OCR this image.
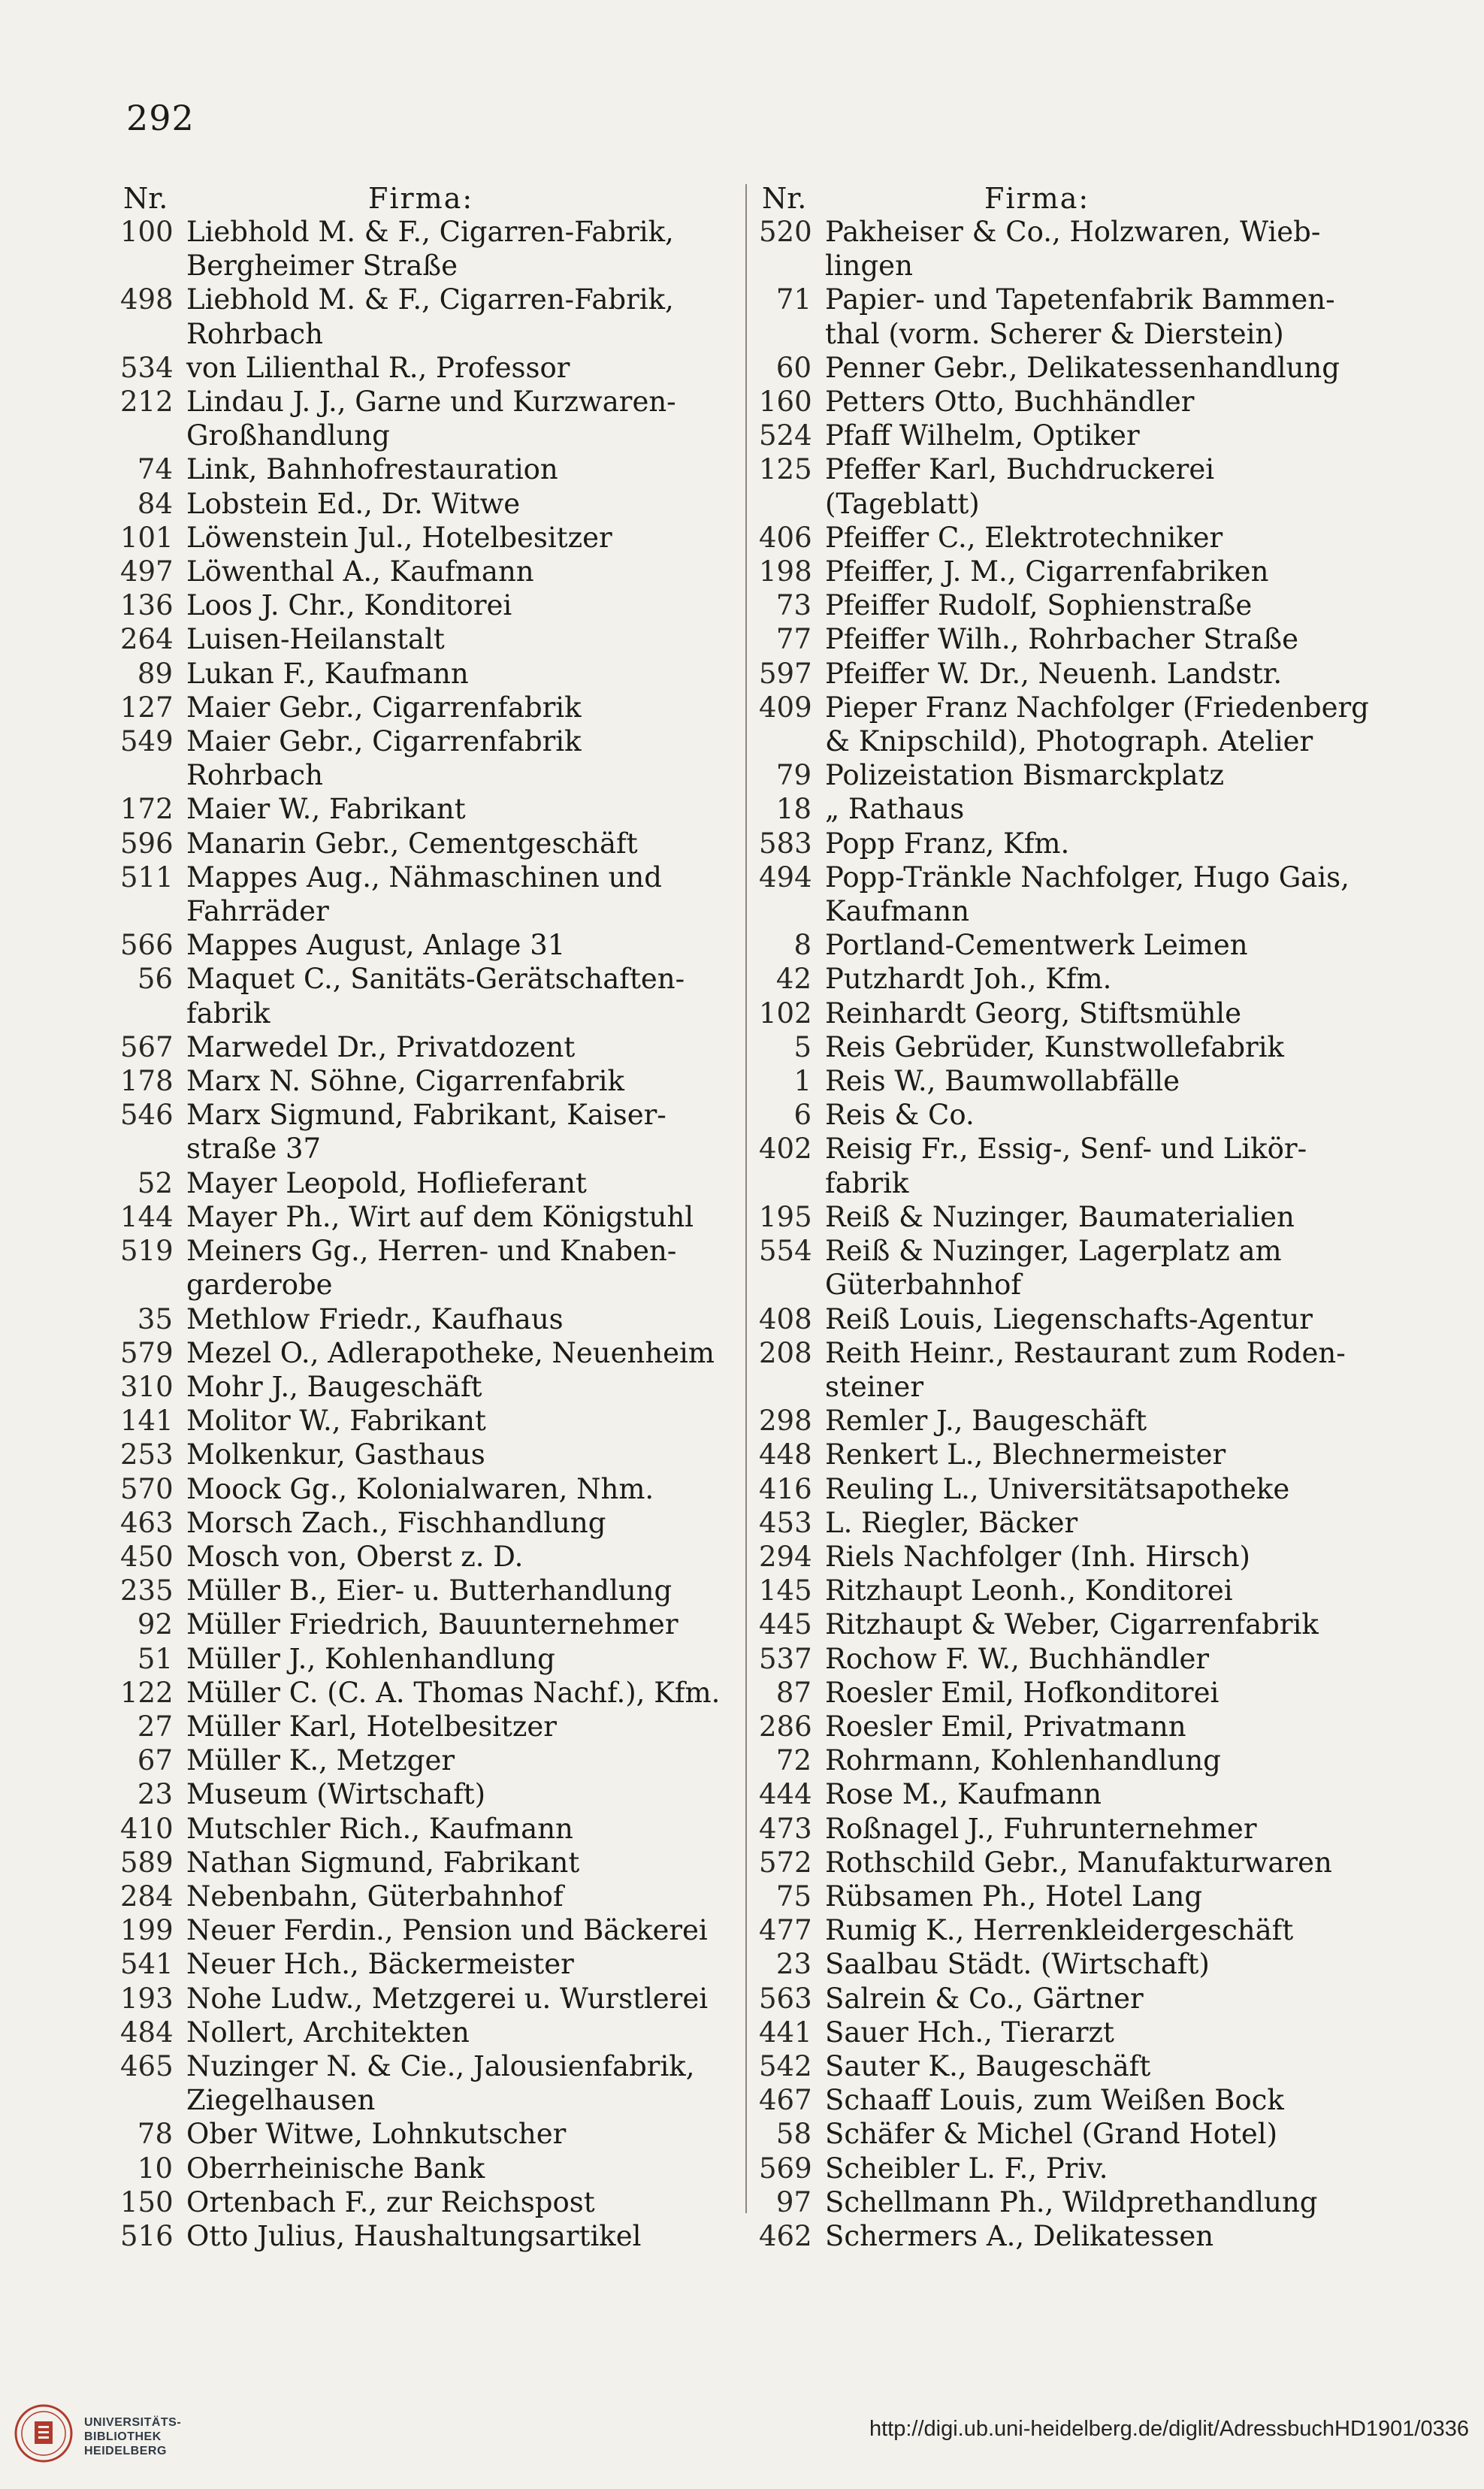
292
Nr.	Firma:
100 Liebhold M. & F., Cigarren-Fabrik,
Bergheimer Straße
498 Liebhold M. & F., Cigarren-Fabrik,
Rohrbach
534 von Lilienthal R., Professor
212 Lindau J. J., Garne und Kurzwaren-
Großhandlung
74 Link, Bahnhofrestauration
84 Lobstein Ed., Dr. Witwe
101 Löwenstein Jul., Hotelbesitzer
497 Löwenthal A., Kaufmann
136 Loos J. Chr., Konditorei
264 Luisen-Heilanstalt
89 Lukan F., Kaufmann
127 Maier Gebr., Cigarrenfabrik
549 Maier Gebr., Cigarrenfabrik Rohrbach
172 Maier W., Fabrikant
596 Manarin Gebr., Cementgeschäft
511 Mappes Aug., Nähmaschinen und
Fahrräder
566 Mappes August, Anlage 31
56 Maquet C., Sanitäts-Gerätschaften-
fabrik
567 Marwedel Dr., Privatdozent
178 Marx N. Söhne, Cigarrenfabrik
546 Marx Sigmund, Fabrikant, Kaiser-
straße 37
52 Mayer Leopold, Hoflieferant
144 Mayer Ph., Wirt auf dem Königstuhl
519 Meiners Gg., Herren- und Knaben-
garderobe
35 Methlow Friedr., Kaufhaus
579 Mezel O., Adlerapotheke, Neuenheim
310 Mohr J., Baugeschäft
141 Molitor W., Fabrikant
253 Molkenkur, Gasthaus
570 Moock Gg., Kolonialwaren, Nhm.
463 Morsch Zach., Fischhandlung
450 Mosch von, Oberst z. D.
235 Müller B., Eier- u. Butterhandlung
92 Müller Friedrich, Bauunternehmer
51 Müller J., Kohlenhandlung
122 Müller C. (C. A. Thomas Nachf.), Kfm.
27 Müller Karl, Hotelbesitzer
67 Müller K., Metzger
23 Museum (Wirtschaft)
410 Mutschler Rich., Kaufmann
589 Nathan Sigmund, Fabrikant
284 Nebenbahn, Güterbahnhof
199 Neuer Ferdin., Pension und Bäckerei
541 Neuer Hch., Bäckermeister
193 Nohe Ludw., Metzgerei u. Wurstlerei
484 Nollert, Architekten
465 Nuzinger N. & Cie., Jalousienfabrik,
Ziegelhausen
78 Ober Witwe, Lohnkutscher
10 Oberrheinische Bank
150 Ortenbach F., zur Reichspost
516 Otto Julius, Haushaltungsartikel
Nr.	Firma:
520 Pakheiser & Co., Holzwaren, Wieb-
lingen
71 Papier- und Tapetenfabrik Bammen-
thal (vorm. Scherer & Dierstein)
60 Penner Gebr., Delikatessenhandlung
160 Petters Otto, Buchhändler
524 Pfaff Wilhelm, Optiker
125 Pfeffer Karl, Buchdruckerei (Tageblatt)
406 Pfeiffer C., Elektrotechniker
198 Pfeiffer, J. M., Cigarrenfabriken
73 Pfeiffer Rudolf, Sophienstraße
77 Pfeiffer Wilh., Rohrbacher Straße
597 Pfeiffer W. Dr., Neuenh. Landstr.
409 Pieper Franz Nachfolger (Friedenberg
& Knipschild), Photograph. Atelier
79 Polizeistation Bismarckplatz
18 „ Rathaus
583 Popp Franz, Kfm.
494 Popp-Tränkle Nachfolger, Hugo Gais,
Kaufmann
8 Portland-Cementwerk Leimen
42 Putzhardt Joh., Kfm.
102 Reinhardt Georg, Stiftsmühle
5 Reis Gebrüder, Kunstwollefabrik
1 Reis W., Baumwollabfälle
6 Reis & Co.
402 Reisig Fr., Essig-, Senf- und Likör-
fabrik
195 Reiß & Nuzinger, Baumaterialien
554 Reiß & Nuzinger, Lagerplatz am
Güterbahnhof
408 Reiß Louis, Liegenschafts-Agentur
208 Reith Heinr., Restaurant zum Roden-
steiner
298 Remler J., Baugeschäft
448 Renkert L., Blechnermeister
416 Reuling L., Universitätsapotheke
453 L. Riegler, Bäcker
294 Riels Nachfolger (Inh. Hirsch)
145 Ritzhaupt Leonh., Konditorei
445 Ritzhaupt & Weber, Cigarrenfabrik
537 Rochow F. W., Buchhändler
87 Roesler Emil, Hofkonditorei
286 Roesler Emil, Privatmann
72 Rohrmann, Kohlenhandlung
444 Rose M., Kaufmann
473 Roßnagel J., Fuhrunternehmer
572 Rothschild Gebr., Manufakturwaren
75 Rübsamen Ph., Hotel Lang
477 Rumig K., Herrenkleidergeschäft
23 Saalbau Städt. (Wirtschaft)
563 Salrein & Co., Gärtner
441 Sauer Hch., Tierarzt
542 Sauter K., Baugeschäft
467 Schaaff Louis, zum Weißen Bock
58 Schäfer & Michel (Grand Hotel)
569 Scheibler L. F., Priv.
97 Schellmann Ph., Wildprethandlung
462 Schermers A., Delikatessen
UNIVERSITÄTS-
BIBLIOTHEK
HEIDELBERG
http://digi.ub.uni-heidelberg.de/diglit/AdressbuchHD1901/0336
